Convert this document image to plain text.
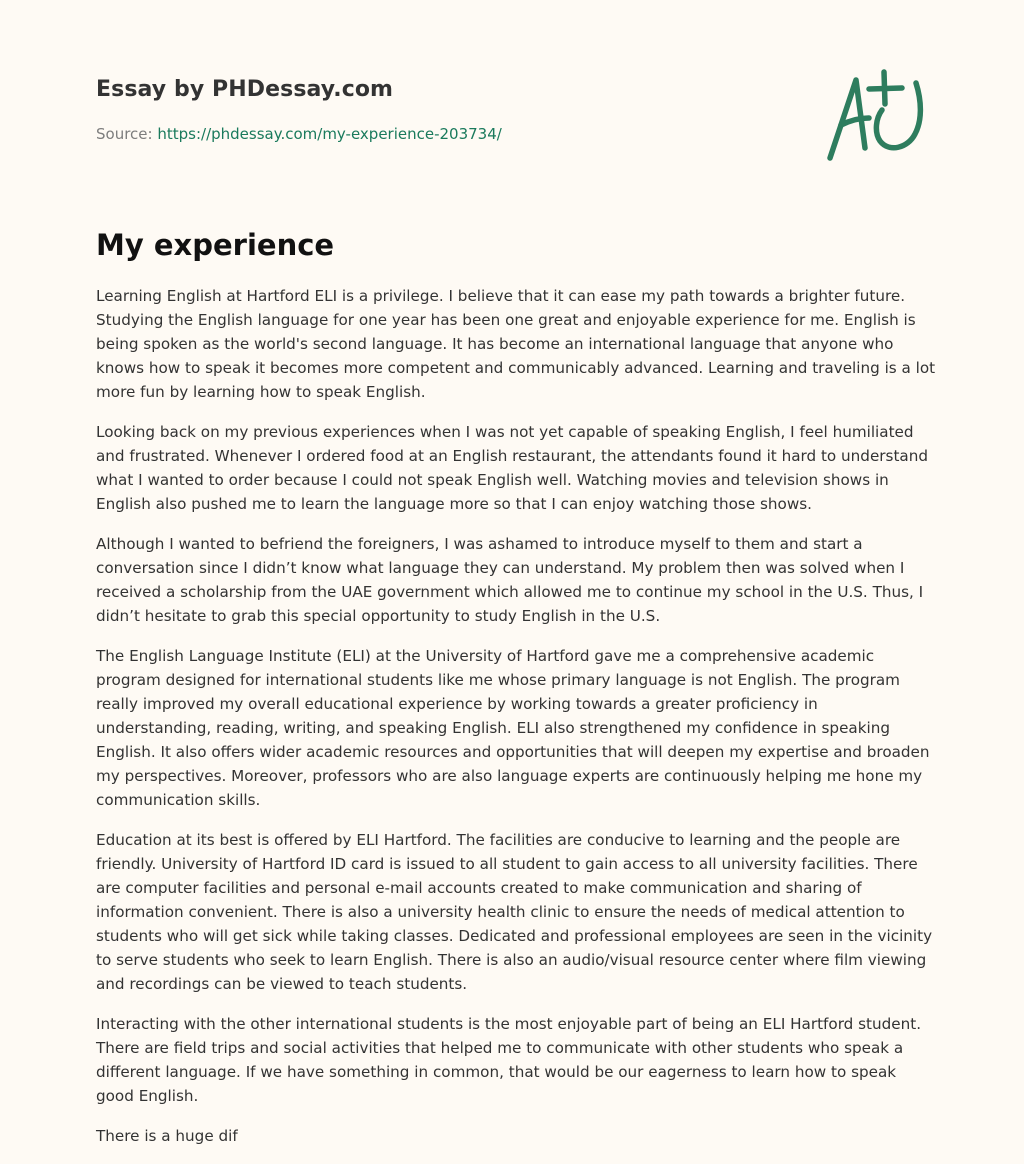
Essay by PHDessay.com
Source: https://phdessay.com/my-experience-203734/
My experience

Learning English at Hartford ELI is a privilege. I believe that it can ease my path towards a brighter future. Studying the English language for one year has been one great and enjoyable experience for me. English is being spoken as the world's second language. It has become an international language that anyone who knows how to speak it becomes more competent and communicably advanced. Learning and traveling is a lot more fun by learning how to speak English.

Looking back on my previous experiences when I was not yet capable of speaking English, I feel humiliated and frustrated. Whenever I ordered food at an English restaurant, the attendants found it hard to understand what I wanted to order because I could not speak English well. Watching movies and television shows in English also pushed me to learn the language more so that I can enjoy watching those shows.

Although I wanted to befriend the foreigners, I was ashamed to introduce myself to them and start a conversation since I didn’t know what language they can understand. My problem then was solved when I received a scholarship from the UAE government which allowed me to continue my school in the U.S. Thus, I didn’t hesitate to grab this special opportunity to study English in the U.S.

The English Language Institute (ELI) at the University of Hartford gave me a comprehensive academic program designed for international students like me whose primary language is not English. The program really improved my overall educational experience by working towards a greater proficiency in understanding, reading, writing, and speaking English. ELI also strengthened my confidence in speaking English. It also offers wider academic resources and opportunities that will deepen my expertise and broaden my perspectives. Moreover, professors who are also language experts are continuously helping me hone my communication skills.

Education at its best is offered by ELI Hartford. The facilities are conducive to learning and the people are friendly. University of Hartford ID card is issued to all student to gain access to all university facilities. There are computer facilities and personal e-mail accounts created to make communication and sharing of information convenient. There is also a university health clinic to ensure the needs of medical attention to students who will get sick while taking classes. Dedicated and professional employees are seen in the vicinity to serve students who seek to learn English. There is also an audio/visual resource center where film viewing and recordings can be viewed to teach students.

Interacting with the other international students is the most enjoyable part of being an ELI Hartford student. There are field trips and social activities that helped me to communicate with other students who speak a different language. If we have something in common, that would be our eagerness to learn how to speak good English.

There is a huge dif
